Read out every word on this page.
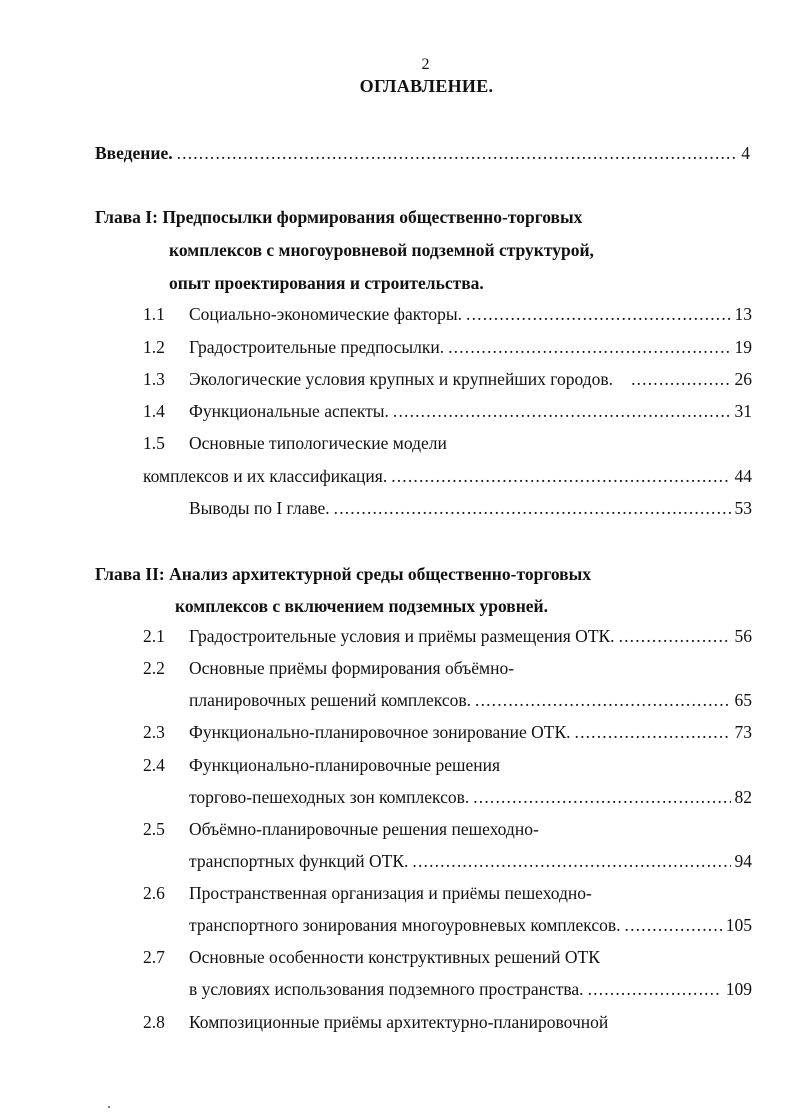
2
ОГЛАВЛЕНИЕ.
Введение. . . .	4
Глава I: Предпосылки формирования общественно-торговых
комплексов с многоуровневой подземной структурой,
опыт проектирования и строительства.
1.1 Социально-экономические факторы. . . .	13
1.2 Градостроительные предпосылки. . . .	19
1.3 Экологические условия крупных и крупнейших городов. . . .	26
1.4 Функциональные аспекты. . . .	31
1.5 Основные типологические модели
комплексов и их классификация. . . .	44
Выводы по I главе. . . .	53
Глава II: Анализ архитектурной среды общественно-торговых
комплексов с включением подземных уровней.
2.1 Градостроительные условия и приёмы размещения ОТК. . . .	56
2.2 Основные приёмы формирования объёмно-
планировочных решений комплексов. . . .	65
2.3 Функционально-планировочное зонирование ОТК. . . .	73
2.4 Функционально-планировочные решения
торгово-пешеходных зон комплексов. . . .	82
2.5 Объёмно-планировочные решения пешеходно-
транспортных функций ОТК. . . .	94
2.6 Пространственная организация и приёмы пешеходно-
транспортного зонирования многоуровневых комплексов. . . .	105
2.7 Основные особенности конструктивных решений ОТК
в условиях использования подземного пространства. . . .	109
2.8 Композиционные приёмы архитектурно-планировочной
